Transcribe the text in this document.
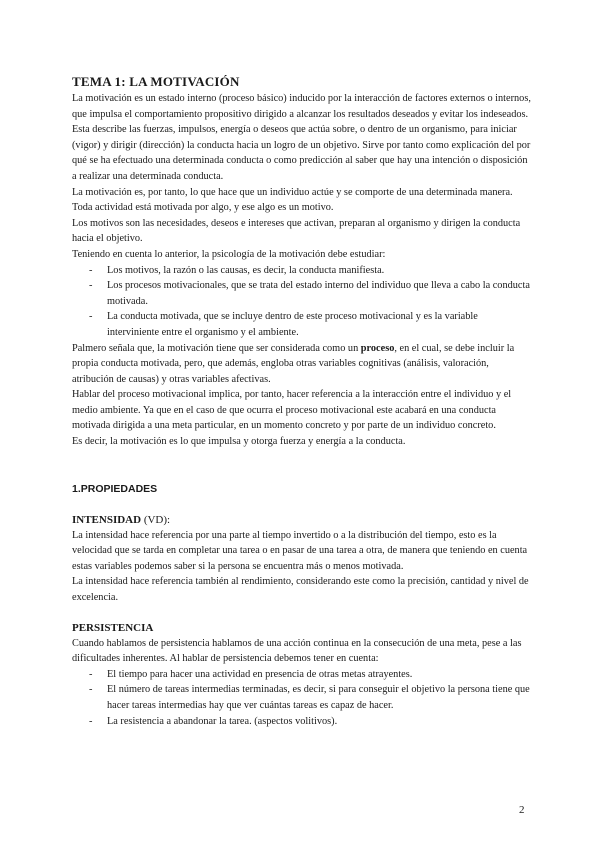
TEMA 1: LA MOTIVACIÓN

La motivación es un estado interno (proceso básico) inducido por la interacción de factores externos o internos, que impulsa el comportamiento propositivo dirigido a alcanzar los resultados deseados y evitar los indeseados.

Esta describe las fuerzas, impulsos, energía o deseos que actúa sobre, o dentro de un organismo, para iniciar (vigor) y dirigir (dirección) la conducta hacia un logro de un objetivo. Sirve por tanto como explicación del por qué se ha efectuado una determinada conducta o como predicción al saber que hay una intención o disposición a realizar una determinada conducta.

La motivación es, por tanto, lo que hace que un individuo actúe y se comporte de una determinada manera. Toda actividad está motivada por algo, y ese algo es un motivo.

Los motivos son las necesidades, deseos e intereses que activan, preparan al organismo y dirigen la conducta hacia el objetivo.

Teniendo en cuenta lo anterior, la psicología de la motivación debe estudiar:

- Los motivos, la razón o las causas, es decir, la conducta manifiesta.
- Los procesos motivacionales, que se trata del estado interno del individuo que lleva a cabo la conducta motivada.
- La conducta motivada, que se incluye dentro de este proceso motivacional y es la variable interviniente entre el organismo y el ambiente.

Palmero señala que, la motivación tiene que ser considerada como un proceso, en el cual, se debe incluir la propia conducta motivada, pero, que además, engloba otras variables cognitivas (análisis, valoración, atribución de causas) y otras variables afectivas.

Hablar del proceso motivacional implica, por tanto, hacer referencia a la interacción entre el individuo y el medio ambiente. Ya que en el caso de que ocurra el proceso motivacional este acabará en una conducta motivada dirigida a una meta particular, en un momento concreto y por parte de un individuo concreto.

Es decir, la motivación es lo que impulsa y otorga fuerza y energía a la conducta.

1.PROPIEDADES
INTENSIDAD (VD):

La intensidad hace referencia por una parte al tiempo invertido o a la distribución del tiempo, esto es la velocidad que se tarda en completar una tarea o en pasar de una tarea a otra, de manera que teniendo en cuenta estas variables podemos saber si la persona se encuentra más o menos motivada.

La intensidad hace referencia también al rendimiento, considerando este como la precisión, cantidad y nivel de excelencia.

PERSISTENCIA

Cuando hablamos de persistencia hablamos de una acción continua en la consecución de una meta, pese a las dificultades inherentes. Al hablar de persistencia debemos tener en cuenta:

- El tiempo para hacer una actividad en presencia de otras metas atrayentes.
- El número de tareas intermedias terminadas, es decir, si para conseguir el objetivo la persona tiene que hacer tareas intermedias hay que ver cuántas tareas es capaz de hacer.
- La resistencia a abandonar la tarea. (aspectos volitivos).
2
